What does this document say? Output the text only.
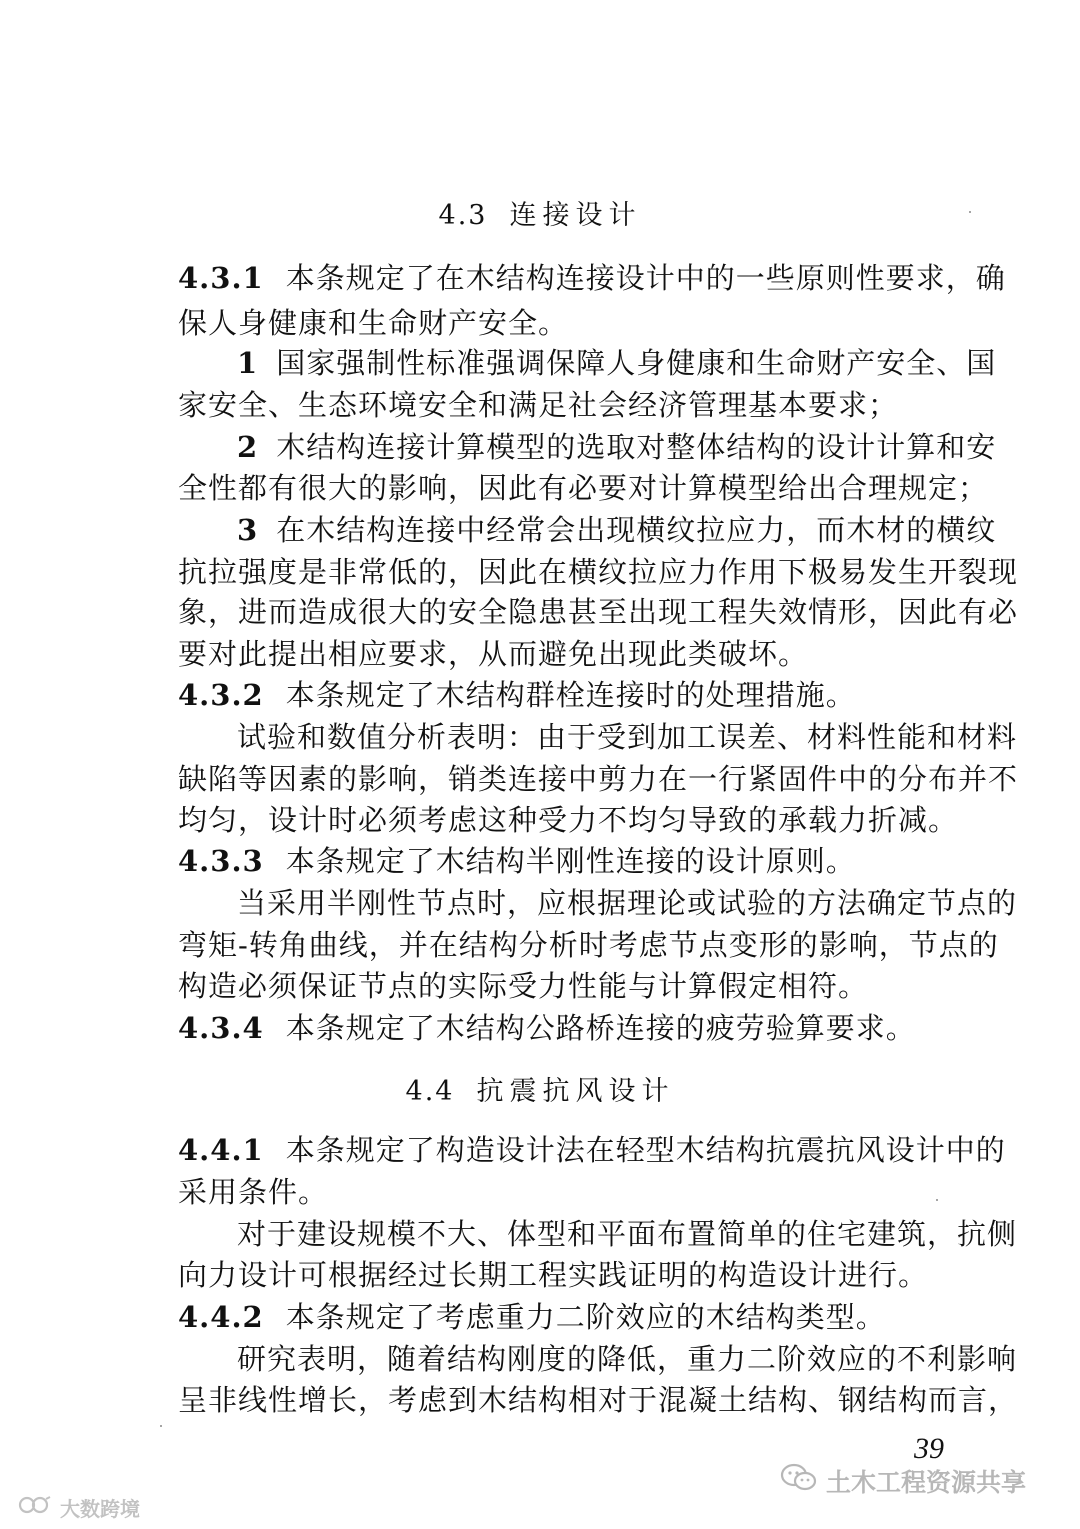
4.3 连接设计
4.3.1 本条规定了在木结构连接设计中的一些原则性要求，确
保人身健康和生命财产安全。
1 国家强制性标准强调保障人身健康和生命财产安全、国
家安全、生态环境安全和满足社会经济管理基本要求；
2 木结构连接计算模型的选取对整体结构的设计计算和安
全性都有很大的影响，因此有必要对计算模型给出合理规定；
3 在木结构连接中经常会出现横纹拉应力，而木材的横纹
抗拉强度是非常低的，因此在横纹拉应力作用下极易发生开裂现
象，进而造成很大的安全隐患甚至出现工程失效情形，因此有必
要对此提出相应要求，从而避免出现此类破坏。
4.3.2 本条规定了木结构群栓连接时的处理措施。
试验和数值分析表明：由于受到加工误差、材料性能和材料
缺陷等因素的影响，销类连接中剪力在一行紧固件中的分布并不
均匀，设计时必须考虑这种受力不均匀导致的承载力折减。
4.3.3 本条规定了木结构半刚性连接的设计原则。
当采用半刚性节点时，应根据理论或试验的方法确定节点的
弯矩-转角曲线，并在结构分析时考虑节点变形的影响，节点的
构造必须保证节点的实际受力性能与计算假定相符。
4.3.4 本条规定了木结构公路桥连接的疲劳验算要求。
4.4 抗震抗风设计
4.4.1 本条规定了构造设计法在轻型木结构抗震抗风设计中的
采用条件。
对于建设规模不大、体型和平面布置简单的住宅建筑，抗侧
向力设计可根据经过长期工程实践证明的构造设计进行。
4.4.2 本条规定了考虑重力二阶效应的木结构类型。
研究表明，随着结构刚度的降低，重力二阶效应的不利影响
呈非线性增长，考虑到木结构相对于混凝土结构、钢结构而言，
39
土木工程资源共享
大数跨境
